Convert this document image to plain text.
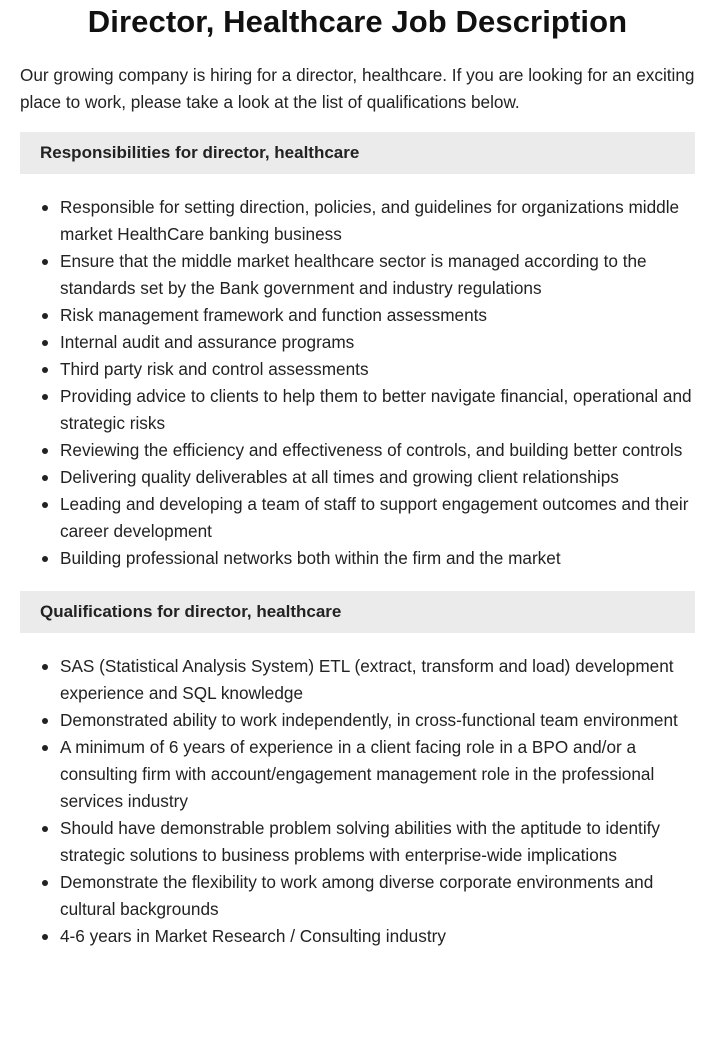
Director, Healthcare Job Description

Our growing company is hiring for a director, healthcare. If you are looking for an exciting place to work, please take a look at the list of qualifications below.

Responsibilities for director, healthcare
Responsible for setting direction, policies, and guidelines for organizations middle market HealthCare banking business
Ensure that the middle market healthcare sector is managed according to the standards set by the Bank government and industry regulations
Risk management framework and function assessments
Internal audit and assurance programs
Third party risk and control assessments
Providing advice to clients to help them to better navigate financial, operational and strategic risks
Reviewing the efficiency and effectiveness of controls, and building better controls
Delivering quality deliverables at all times and growing client relationships
Leading and developing a team of staff to support engagement outcomes and their career development
Building professional networks both within the firm and the market
Qualifications for director, healthcare
SAS (Statistical Analysis System) ETL (extract, transform and load) development experience and SQL knowledge
Demonstrated ability to work independently, in cross-functional team environment
A minimum of 6 years of experience in a client facing role in a BPO and/or a consulting firm with account/engagement management role in the professional services industry
Should have demonstrable problem solving abilities with the aptitude to identify strategic solutions to business problems with enterprise-wide implications
Demonstrate the flexibility to work among diverse corporate environments and cultural backgrounds
4-6 years in Market Research / Consulting industry
